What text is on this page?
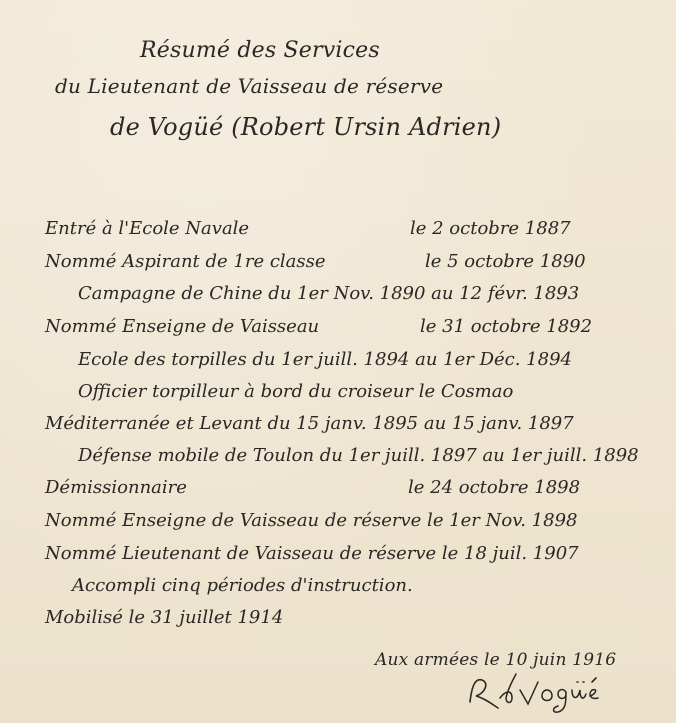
Résumé des Services
du Lieutenant de Vaisseau de réserve
de Vogüé (Robert Ursin Adrien)
Entré à l'Ecole Navale	le 2 octobre 1887
Nommé Aspirant de 1re classe	le 5 octobre 1890
Campagne de Chine du 1er Nov. 1890 au 12 févr. 1893
Nommé Enseigne de Vaisseau	le 31 octobre 1892
Ecole des torpilles du 1er juill. 1894 au 1er Déc. 1894
Officier torpilleur à bord du croiseur le Cosmao
Méditerranée et Levant du 15 janv. 1895 au 15 janv. 1897
Défense mobile de Toulon du 1er juill. 1897 au 1er juill. 1898
Démissionnaire	le 24 octobre 1898
Nommé Enseigne de Vaisseau de réserve le 1er Nov. 1898
Nommé Lieutenant de Vaisseau de réserve le 18 juil. 1907
Accompli cinq périodes d'instruction.
Mobilisé le 31 juillet 1914
Aux armées le 10 juin 1916
